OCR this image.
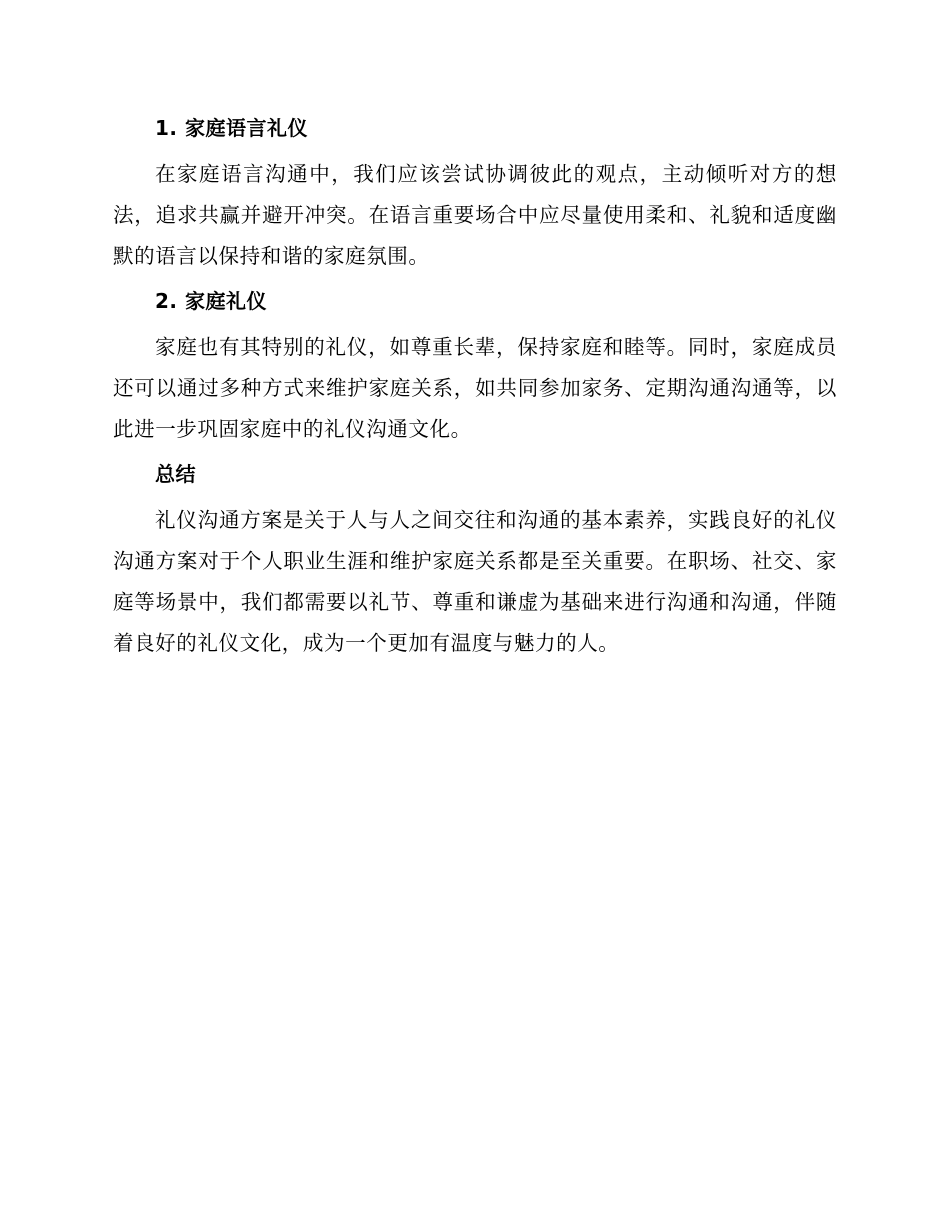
1. 家庭语言礼仪

在家庭语言沟通中，我们应该尝试协调彼此的观点，主动倾听对方的想法，追求共赢并避开冲突。在语言重要场合中应尽量使用柔和、礼貌和适度幽默的语言以保持和谐的家庭氛围。

2. 家庭礼仪

家庭也有其特别的礼仪，如尊重长辈，保持家庭和睦等。同时，家庭成员还可以通过多种方式来维护家庭关系，如共同参加家务、定期沟通沟通等，以此进一步巩固家庭中的礼仪沟通文化。

总结

礼仪沟通方案是关于人与人之间交往和沟通的基本素养，实践良好的礼仪沟通方案对于个人职业生涯和维护家庭关系都是至关重要。在职场、社交、家庭等场景中，我们都需要以礼节、尊重和谦虚为基础来进行沟通和沟通，伴随着良好的礼仪文化，成为一个更加有温度与魅力的人。
